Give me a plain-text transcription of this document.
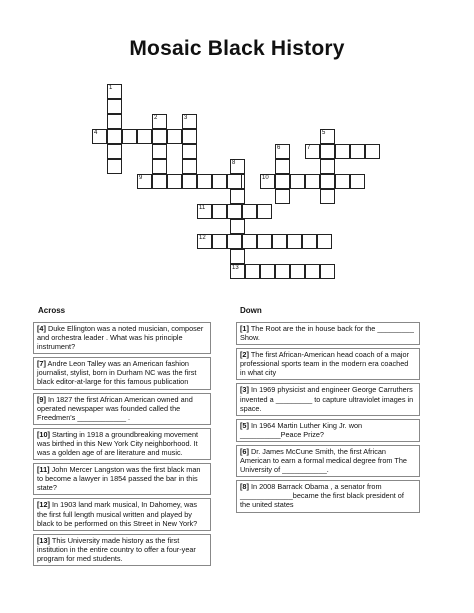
Mosaic Black History
1
2	3
4	5
6	7
8
9	10
11
12
13
Across	Down
[4] Duke Ellington was a noted musician, composer and orchestra leader . What was his principle instrument?
[7] Andre Leon Talley was an American fashion journalist, stylist, born in Durham NC was the first black editor-at-large for this famous publication
[9] In 1827 the first African American owned and operated newspaper was founded called the Freedmen's ____________ .
[10] Starting in 1918 a groundbreaking movement was birthed in this New York City neighborhood. It was a golden age of are literature and music.
[11] John Mercer Langston was the first black man to become a lawyer in 1854 passed the bar in this state?
[12] In 1903 land mark musical, In Dahomey, was the first full length musical written and played by black to be performed on this Street in New York?
[13] This University made history as the first institution in the entire country to offer a four-year program for med students.
[1] The Root are the in house back for the _________ Show.
[2] The first African-American head coach of a major professional sports team in the modern era coached in what city
[3] In 1969 physicist and engineer George Carruthers invented a _________ to capture ultraviolet images in space.
[5] In 1964 Martin Luther King Jr. won __________Peace Prize?
[6] Dr. James McCune Smith, the first African American to earn a formal medical degree from The University of ___________.
[8] In 2008 Barrack Obama , a senator from _____________became the first black president of the united states
